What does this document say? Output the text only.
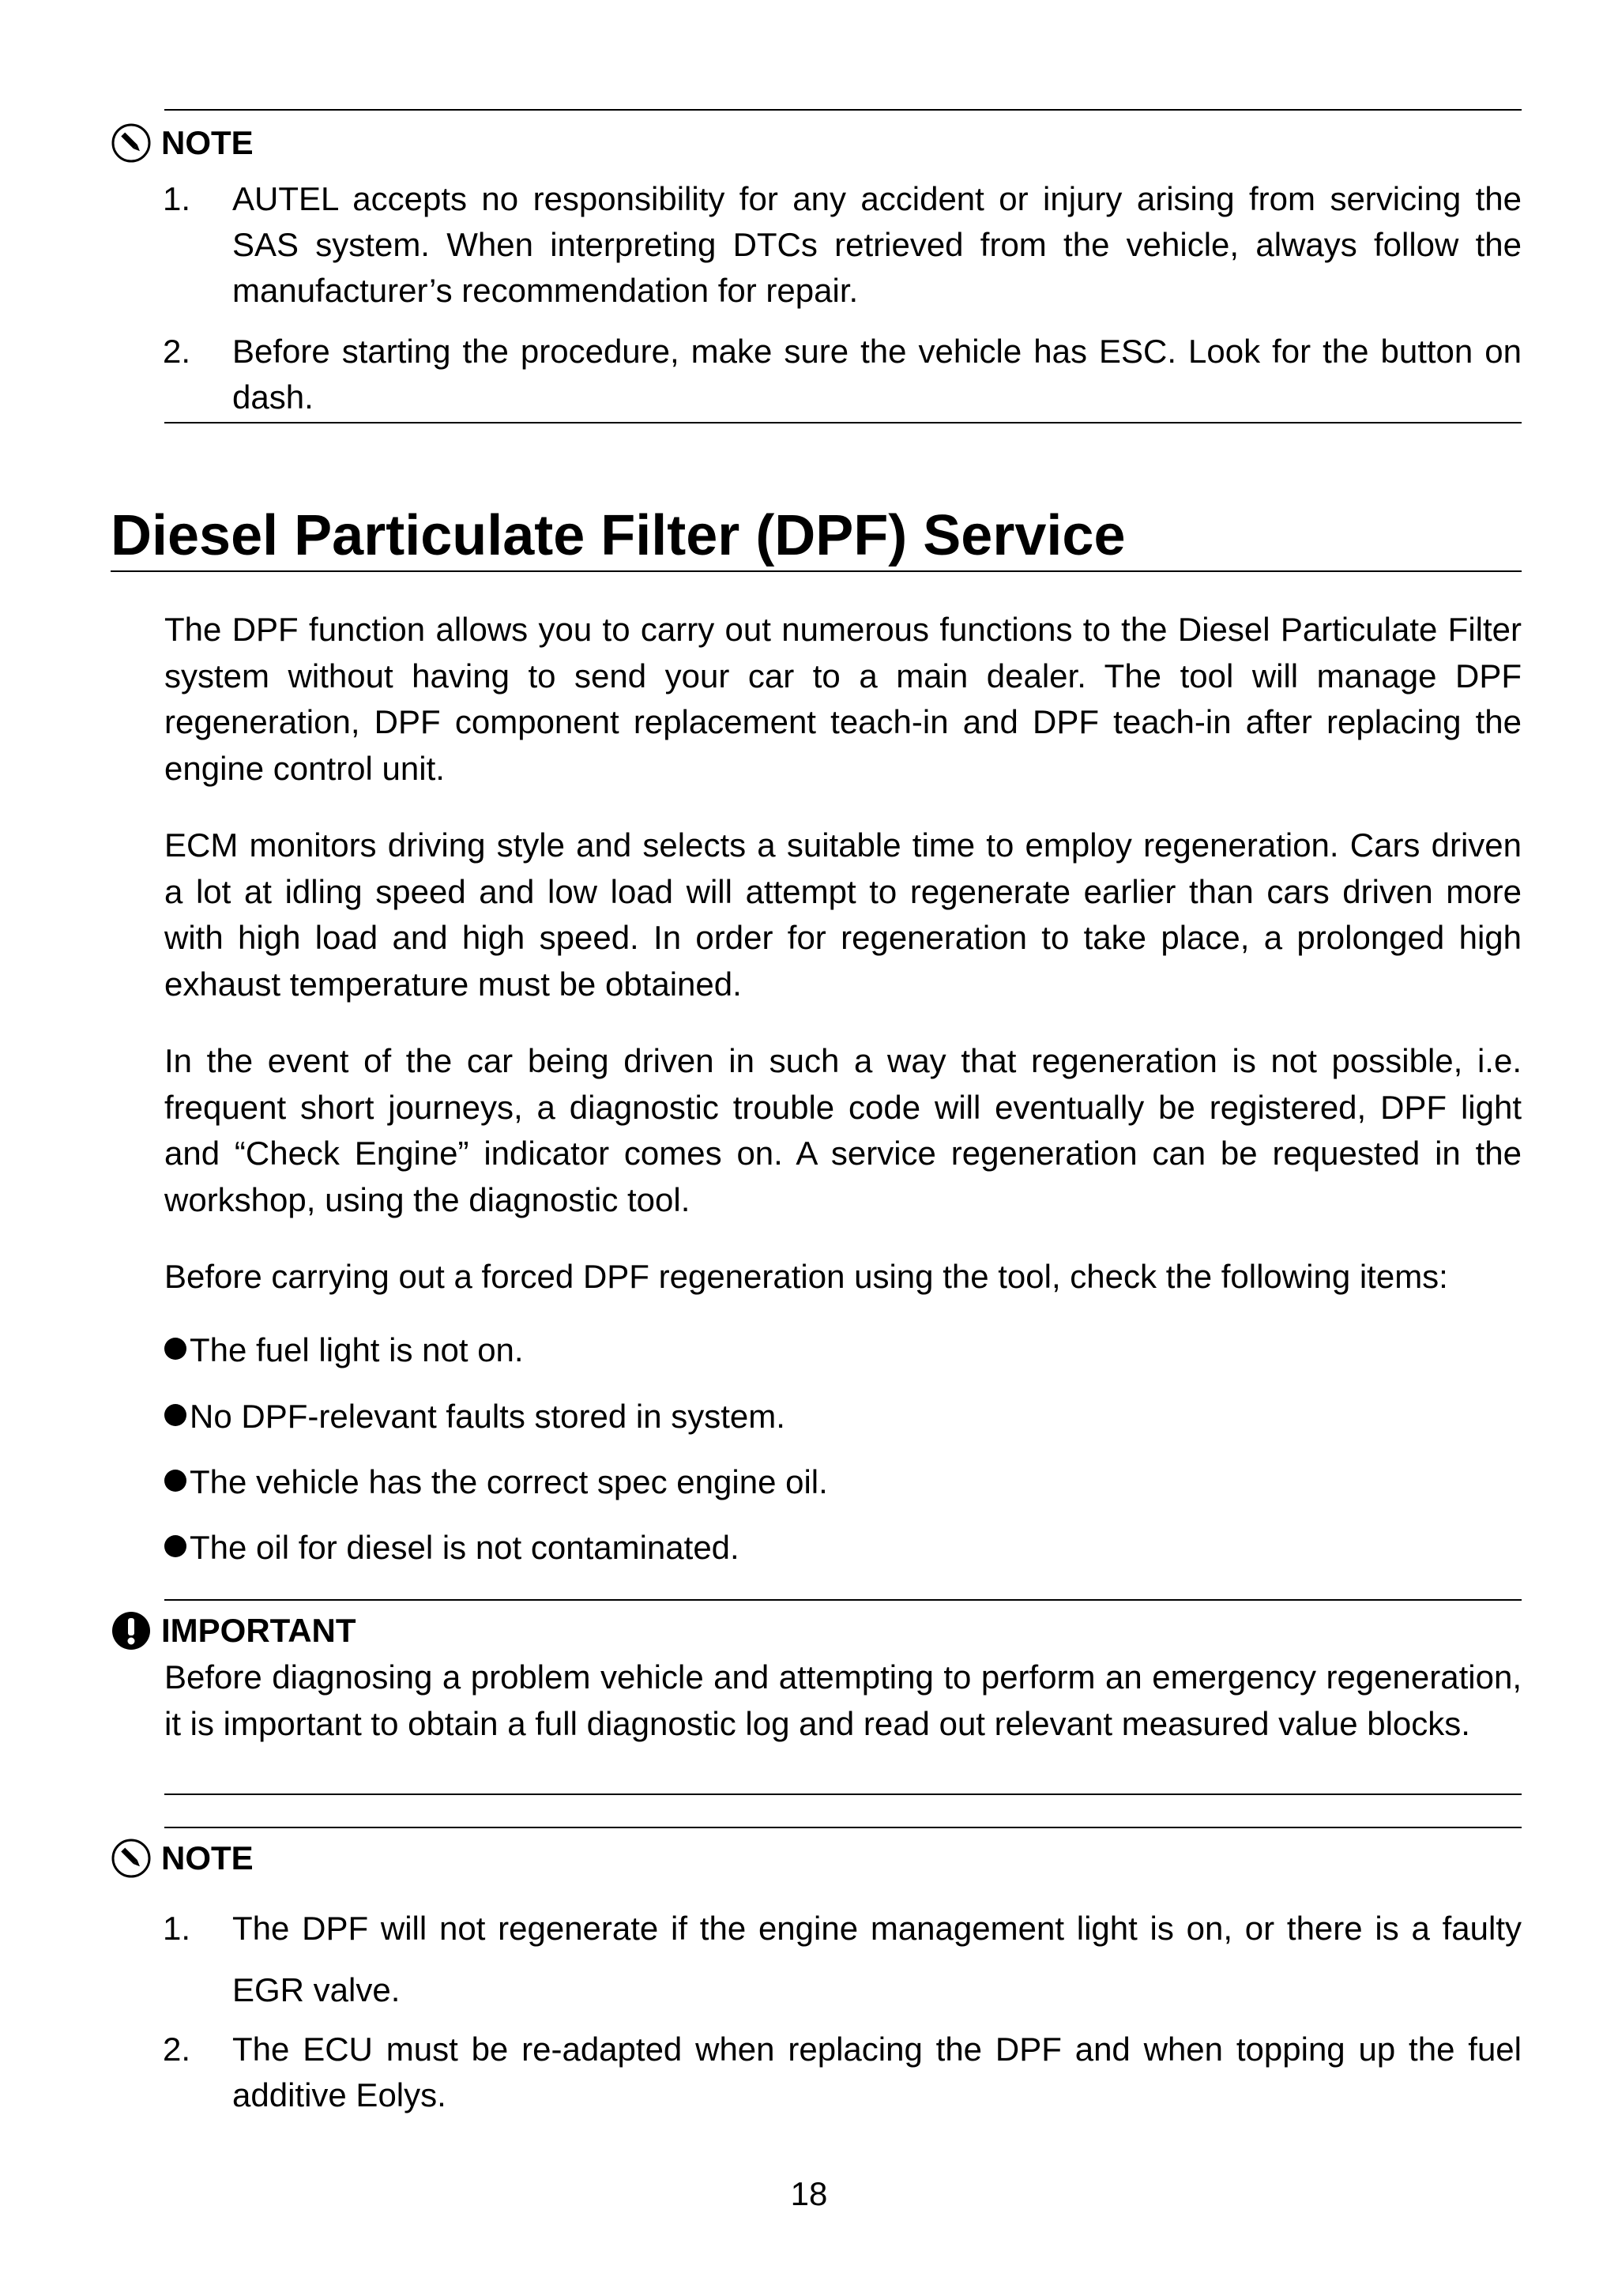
NOTE
1. AUTEL accepts no responsibility for any accident or injury arising from servicing the SAS system. When interpreting DTCs retrieved from the vehicle, always follow the manufacturer’s recommendation for repair.
2. Before starting the procedure, make sure the vehicle has ESC. Look for the button on dash.
Diesel Particulate Filter (DPF) Service
The DPF function allows you to carry out numerous functions to the Diesel Particulate Filter system without having to send your car to a main dealer. The tool will manage DPF regeneration, DPF component replacement teach-in and DPF teach-in after replacing the engine control unit.
ECM monitors driving style and selects a suitable time to employ regeneration. Cars driven a lot at idling speed and low load will attempt to regenerate earlier than cars driven more with high load and high speed. In order for regeneration to take place, a prolonged high exhaust temperature must be obtained.
In the event of the car being driven in such a way that regeneration is not possible, i.e. frequent short journeys, a diagnostic trouble code will eventually be registered, DPF light and “Check Engine” indicator comes on. A service regeneration can be requested in the workshop, using the diagnostic tool.
Before carrying out a forced DPF regeneration using the tool, check the following items:
The fuel light is not on.
No DPF-relevant faults stored in system.
The vehicle has the correct spec engine oil.
The oil for diesel is not contaminated.
IMPORTANT
Before diagnosing a problem vehicle and attempting to perform an emergency regeneration, it is important to obtain a full diagnostic log and read out relevant measured value blocks.
NOTE
1. The DPF will not regenerate if the engine management light is on, or there is a faulty EGR valve.
2. The ECU must be re-adapted when replacing the DPF and when topping up the fuel additive Eolys.
18
